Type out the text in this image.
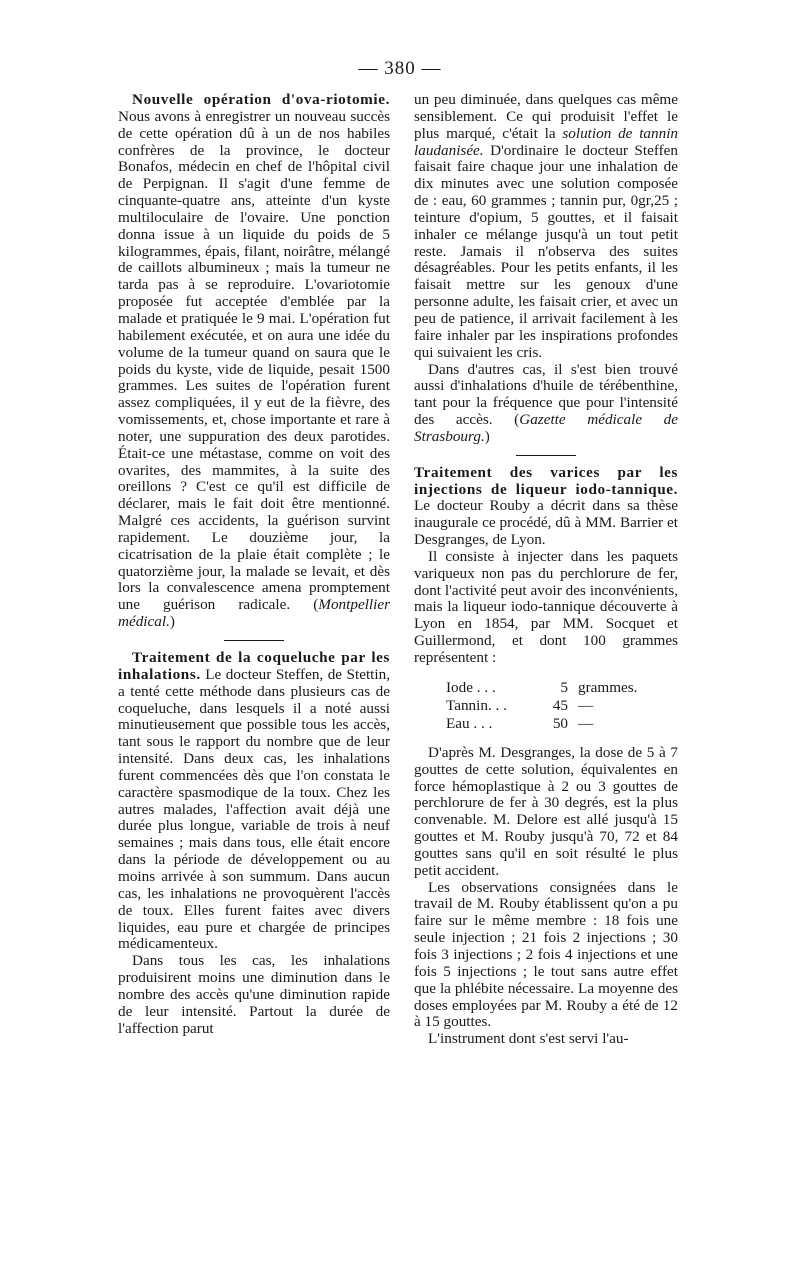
— 380 —

Nouvelle opération d'ova-riotomie. Nous avons à enregistrer un nouveau succès de cette opération dû à un de nos habiles confrères de la province, le docteur Bonafos, médecin en chef de l'hôpital civil de Perpignan. Il s'agit d'une femme de cinquante-quatre ans, atteinte d'un kyste multiloculaire de l'ovaire. Une ponction donna issue à un liquide du poids de 5 kilogrammes, épais, filant, noirâtre, mélangé de caillots albumineux ; mais la tumeur ne tarda pas à se reproduire. L'ovariotomie proposée fut acceptée d'emblée par la malade et pratiquée le 9 mai. L'opération fut habilement exécutée, et on aura une idée du volume de la tumeur quand on saura que le poids du kyste, vide de liquide, pesait 1500 grammes. Les suites de l'opération furent assez compliquées, il y eut de la fièvre, des vomissements, et, chose importante et rare à noter, une suppuration des deux parotides. Était-ce une métastase, comme on voit des ovarites, des mammites, à la suite des oreillons ? C'est ce qu'il est difficile de déclarer, mais le fait doit être mentionné. Malgré ces accidents, la guérison survint rapidement. Le douzième jour, la cicatrisation de la plaie était complète ; le quatorzième jour, la malade se levait, et dès lors la convalescence amena promptement une guérison radicale. (Montpellier médical.)

Traitement de la coqueluche par les inhalations. Le docteur Steffen, de Stettin, a tenté cette méthode dans plusieurs cas de coqueluche, dans lesquels il a noté aussi minutieusement que possible tous les accès, tant sous le rapport du nombre que de leur intensité. Dans deux cas, les inhalations furent commencées dès que l'on constata le caractère spasmodique de la toux. Chez les autres malades, l'affection avait déjà une durée plus longue, variable de trois à neuf semaines ; mais dans tous, elle était encore dans la période de développement ou au moins arrivée à son summum. Dans aucun cas, les inhalations ne provoquèrent l'accès de toux. Elles furent faites avec divers liquides, eau pure et chargée de principes médicamenteux.

Dans tous les cas, les inhalations produisirent moins une diminution dans le nombre des accès qu'une diminution rapide de leur intensité. Partout la durée de l'affection parut

un peu diminuée, dans quelques cas même sensiblement. Ce qui produisit l'effet le plus marqué, c'était la solution de tannin laudanisée. D'ordinaire le docteur Steffen faisait faire chaque jour une inhalation de dix minutes avec une solution composée de : eau, 60 grammes ; tannin pur, 0gr,25 ; teinture d'opium, 5 gouttes, et il faisait inhaler ce mélange jusqu'à un tout petit reste. Jamais il n'observa des suites désagréables. Pour les petits enfants, il les faisait mettre sur les genoux d'une personne adulte, les faisait crier, et avec un peu de patience, il arrivait facilement à les faire inhaler par les inspirations profondes qui suivaient les cris.

Dans d'autres cas, il s'est bien trouvé aussi d'inhalations d'huile de térébenthine, tant pour la fréquence que pour l'intensité des accès. (Gazette médicale de Strasbourg.)

Traitement des varices par les injections de liqueur iodo-tannique. Le docteur Rouby a décrit dans sa thèse inaugurale ce procédé, dû à MM. Barrier et Desgranges, de Lyon.

Il consiste à injecter dans les paquets variqueux non pas du perchlorure de fer, dont l'activité peut avoir des inconvénients, mais la liqueur iodo-tannique découverte à Lyon en 1854, par MM. Socquet et Guillermond, et dont 100 grammes représentent :

Iode . . .	5 grammes.
Tannin. . .	45 —
Eau . . .	50 —

D'après M. Desgranges, la dose de 5 à 7 gouttes de cette solution, équivalentes en force hémoplastique à 2 ou 3 gouttes de perchlorure de fer à 30 degrés, est la plus convenable. M. Delore est allé jusqu'à 15 gouttes et M. Rouby jusqu'à 70, 72 et 84 gouttes sans qu'il en soit résulté le plus petit accident.

Les observations consignées dans le travail de M. Rouby établissent qu'on a pu faire sur le même membre : 18 fois une seule injection ; 21 fois 2 injections ; 30 fois 3 injections ; 2 fois 4 injections et une fois 5 injections ; le tout sans autre effet que la phlébite nécessaire. La moyenne des doses employées par M. Rouby a été de 12 à 15 gouttes.

L'instrument dont s'est servi l'au-
